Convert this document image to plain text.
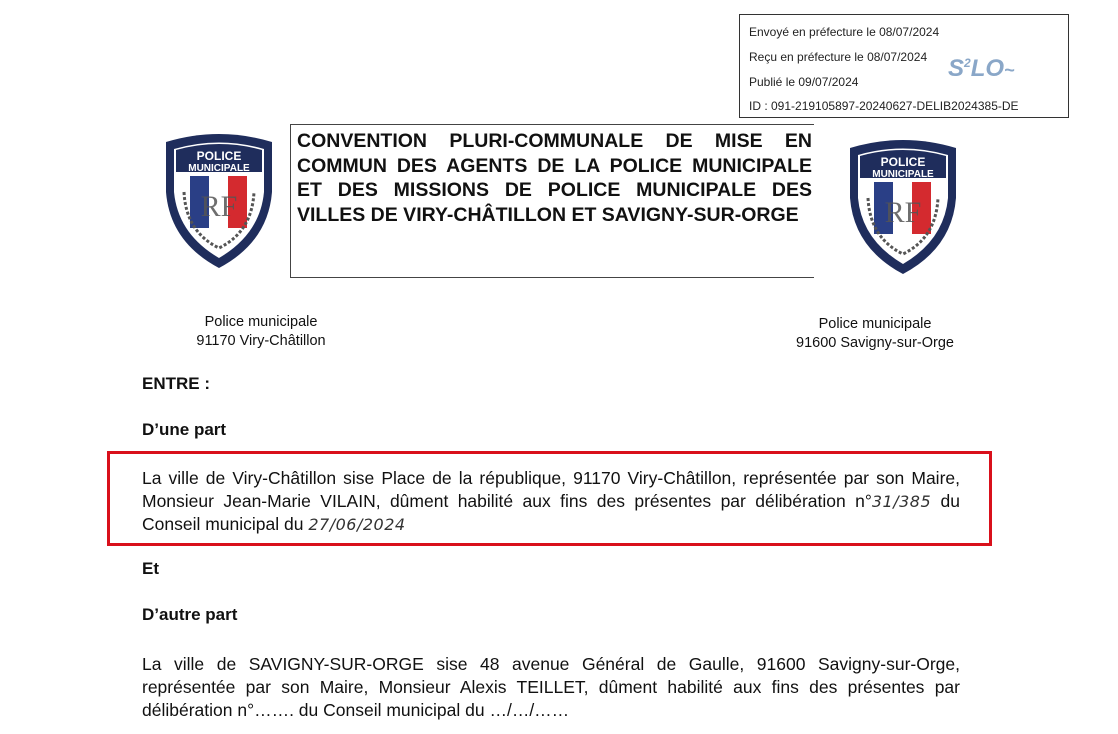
Envoyé en préfecture le 08/07/2024
Reçu en préfecture le 08/07/2024
Publié le 09/07/2024
ID : 091-219105897-20240627-DELIB2024385-DE
$S^2LO\sim$
POLICE
MUNICIPALE
RF
POLICE
MUNICIPALE
RF
CONVENTION PLURI-COMMUNALE DE MISE EN COMMUN DES AGENTS DE LA POLICE MUNICIPALE ET DES MISSIONS DE POLICE MUNICIPALE DES VILLES DE VIRY-CHÂTILLON ET SAVIGNY-SUR-ORGE
Police municipale
91170 Viry-Châtillon
Police municipale
91600 Savigny-sur-Orge
ENTRE :
D’une part
La ville de Viry-Châtillon sise Place de la république, 91170 Viry-Châtillon, représentée par son Maire, Monsieur Jean-Marie VILAIN, dûment habilité aux fins des présentes par délibération n°31/385 du Conseil municipal du 27/06/2024
Et
D’autre part
La ville de SAVIGNY-SUR-ORGE sise 48 avenue Général de Gaulle, 91600 Savigny-sur-Orge, représentée par son Maire, Monsieur Alexis TEILLET, dûment habilité aux fins des présentes par délibération n°……. du Conseil municipal du …/…/……
